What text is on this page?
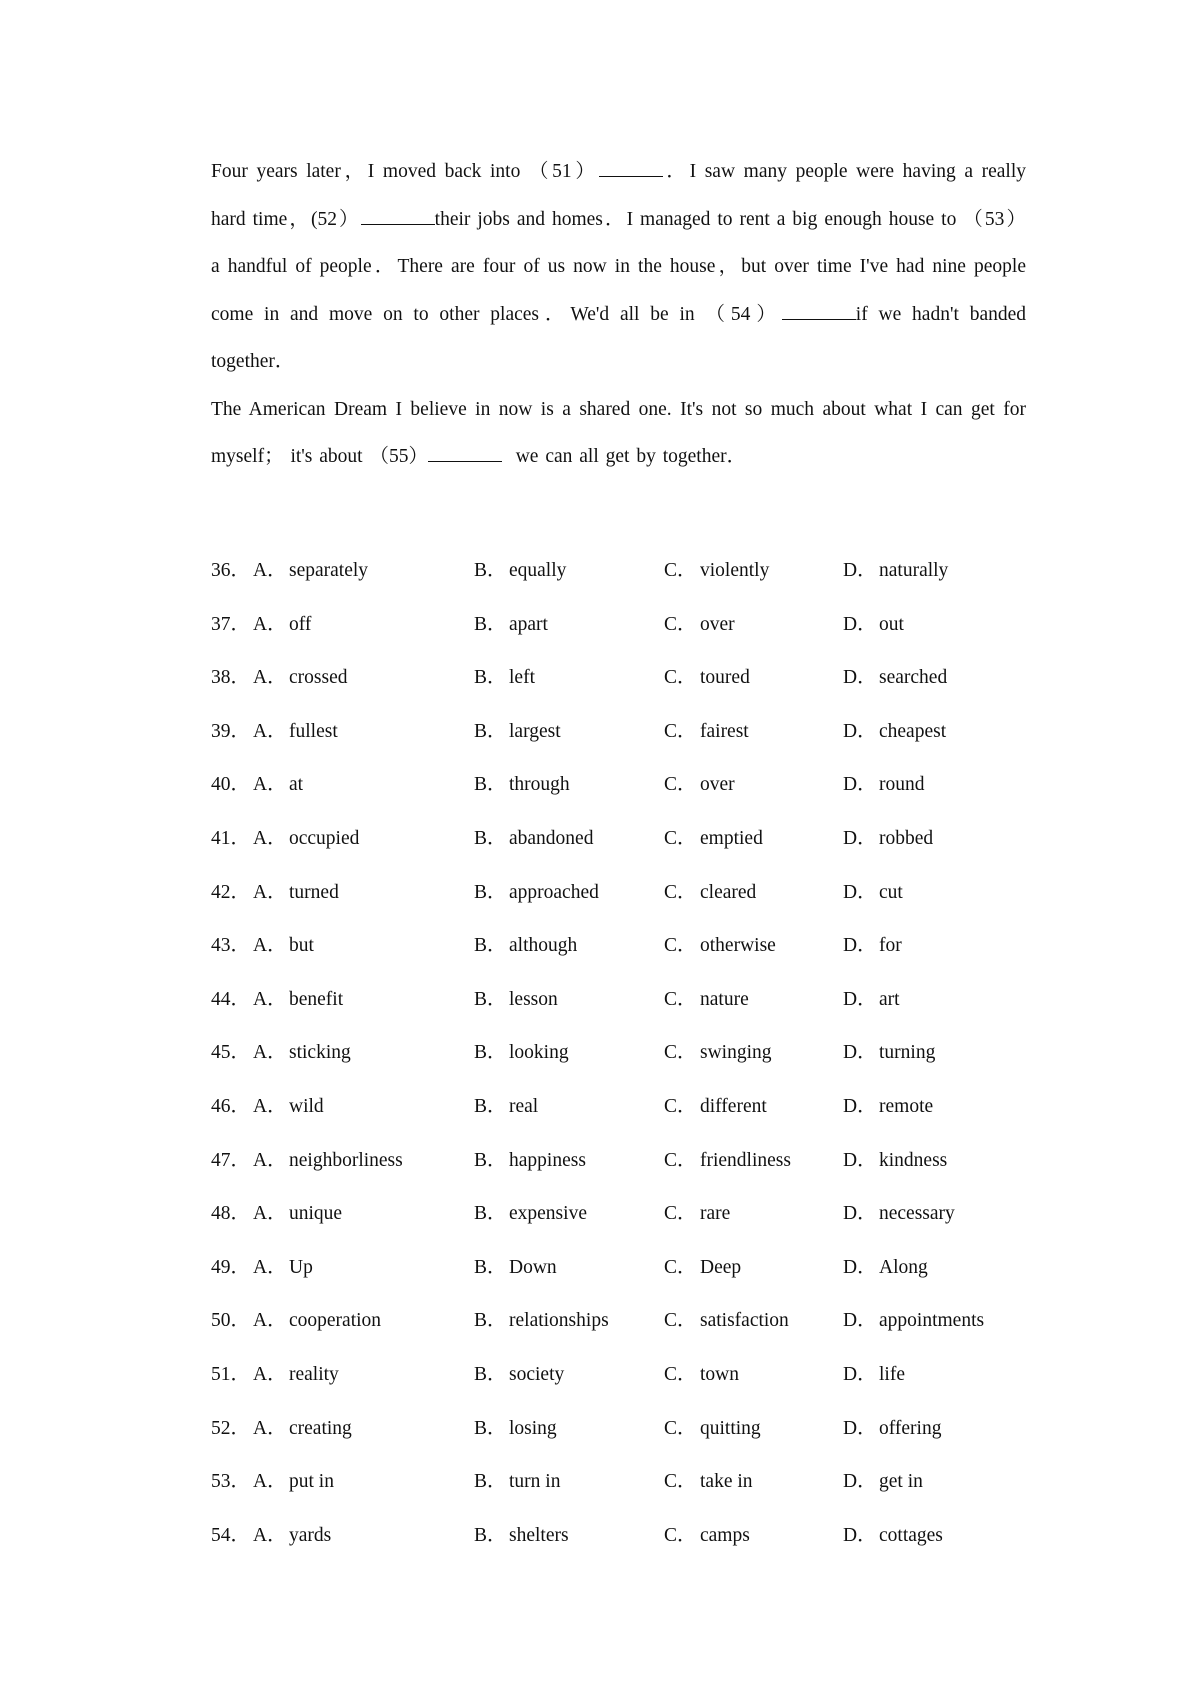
Four years later，I moved back into （51）	．I saw many people were having a really
hard time，(52）	their jobs and homes．I managed to rent a big enough house to （53）
a handful of people．There are four of us now in the house，but over time I've had nine people
come in and move on to other places．We'd all be in （54）	if we hadn't banded
together．
The American Dream I believe in now is a shared one. It's not so much about what I can get for
myself； it's about （55）	we can all get by together．
36． A． separately	B． equally	C． violently	D． naturally
37． A． off	B． apart	C． over	D． out
38． A． crossed	B． left	C． toured	D． searched
39． A． fullest	B． largest	C． fairest	D． cheapest
40． A． at	B． through	C． over	D． round
41． A． occupied	B． abandoned	C． emptied	D． robbed
42． A． turned	B． approached	C． cleared	D． cut
43． A． but	B． although	C． otherwise	D． for
44． A． benefit	B． lesson	C． nature	D． art
45． A． sticking	B． looking	C． swinging	D． turning
46． A． wild	B． real	C． different	D． remote
47． A． neighborliness	B． happiness	C． friendliness	D． kindness
48． A． unique	B． expensive	C． rare	D． necessary
49． A． Up	B． Down	C． Deep	D． Along
50． A． cooperation	B． relationships	C． satisfaction	D． appointments
51． A． reality	B． society	C． town	D． life
52． A． creating	B． losing	C． quitting	D． offering
53． A． put in	B． turn in	C． take in	D． get in
54． A． yards	B． shelters	C． camps	D． cottages
